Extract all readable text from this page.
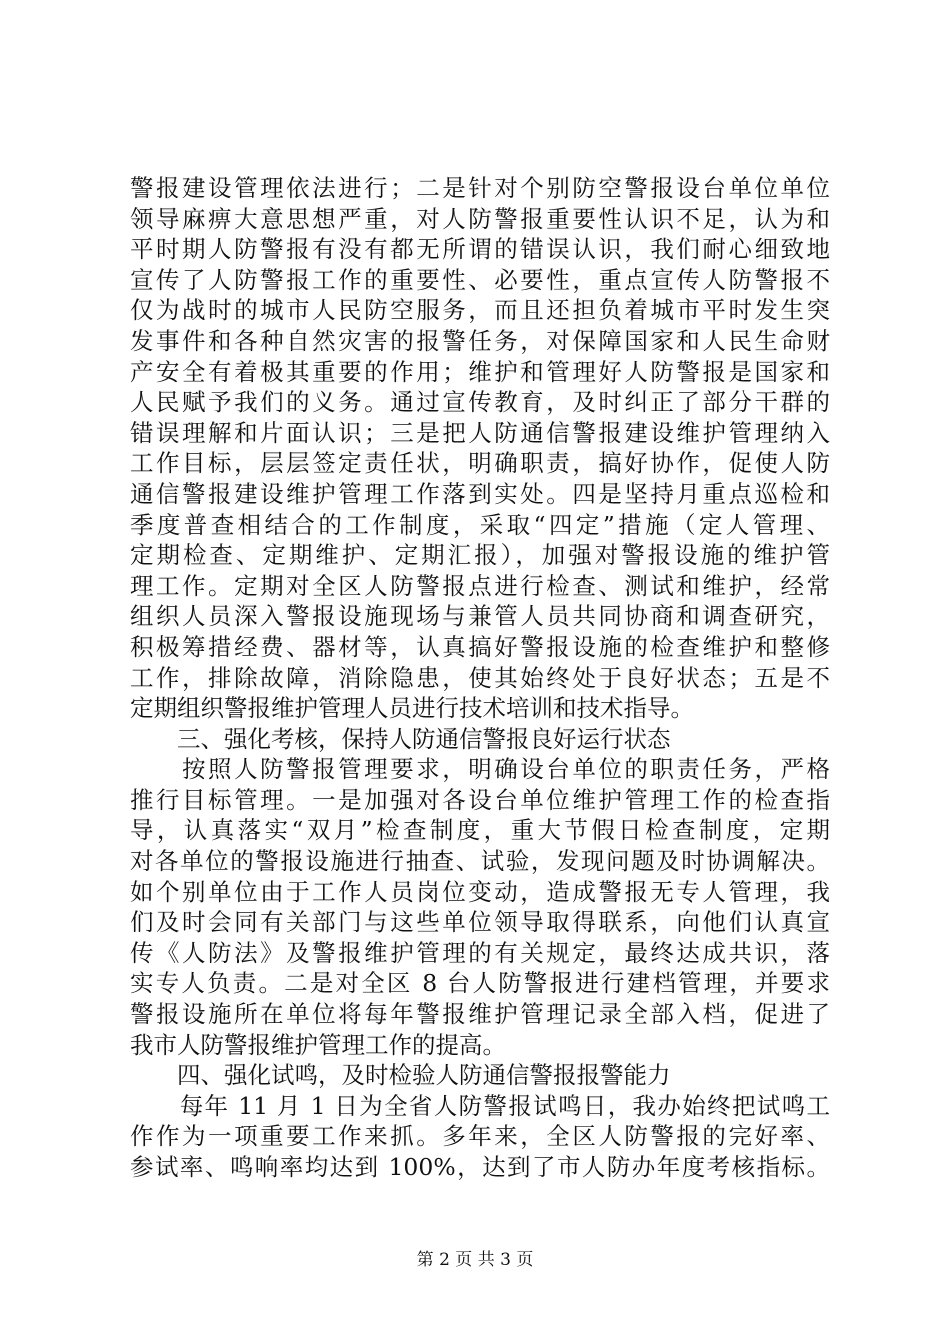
警报建设管理依法进行；二是针对个别防空警报设台单位单位
领导麻痹大意思想严重，对人防警报重要性认识不足，认为和
平时期人防警报有没有都无所谓的错误认识，我们耐心细致地
宣传了人防警报工作的重要性、必要性，重点宣传人防警报不
仅为战时的城市人民防空服务，而且还担负着城市平时发生突
发事件和各种自然灾害的报警任务，对保障国家和人民生命财
产安全有着极其重要的作用；维护和管理好人防警报是国家和
人民赋予我们的义务。通过宣传教育，及时纠正了部分干群的
错误理解和片面认识；三是把人防通信警报建设维护管理纳入
工作目标，层层签定责任状，明确职责，搞好协作，促使人防
通信警报建设维护管理工作落到实处。四是坚持月重点巡检和
季度普查相结合的工作制度，采取“四定”措施（定人管理、
定期检查、定期维护、定期汇报），加强对警报设施的维护管
理工作。定期对全区人防警报点进行检查、测试和维护，经常
组织人员深入警报设施现场与兼管人员共同协商和调查研究，
积极筹措经费、器材等，认真搞好警报设施的检查维护和整修
工作，排除故障，消除隐患，使其始终处于良好状态；五是不
定期组织警报维护管理人员进行技术培训和技术指导。
　　三、强化考核，保持人防通信警报良好运行状态
　　按照人防警报管理要求，明确设台单位的职责任务，严格
推行目标管理。一是加强对各设台单位维护管理工作的检查指
导，认真落实“双月”检查制度，重大节假日检查制度，定期
对各单位的警报设施进行抽查、试验，发现问题及时协调解决。
如个别单位由于工作人员岗位变动，造成警报无专人管理，我
们及时会同有关部门与这些单位领导取得联系，向他们认真宣
传《人防法》及警报维护管理的有关规定，最终达成共识，落
实专人负责。二是对全区 8 台人防警报进行建档管理，并要求
警报设施所在单位将每年警报维护管理记录全部入档，促进了
我市人防警报维护管理工作的提高。
　　四、强化试鸣，及时检验人防通信警报报警能力
　　每年 11 月 1 日为全省人防警报试鸣日，我办始终把试鸣工
作作为一项重要工作来抓。多年来，全区人防警报的完好率、
参试率、鸣响率均达到 100%，达到了市人防办年度考核指标。
第 2 页 共 3 页
